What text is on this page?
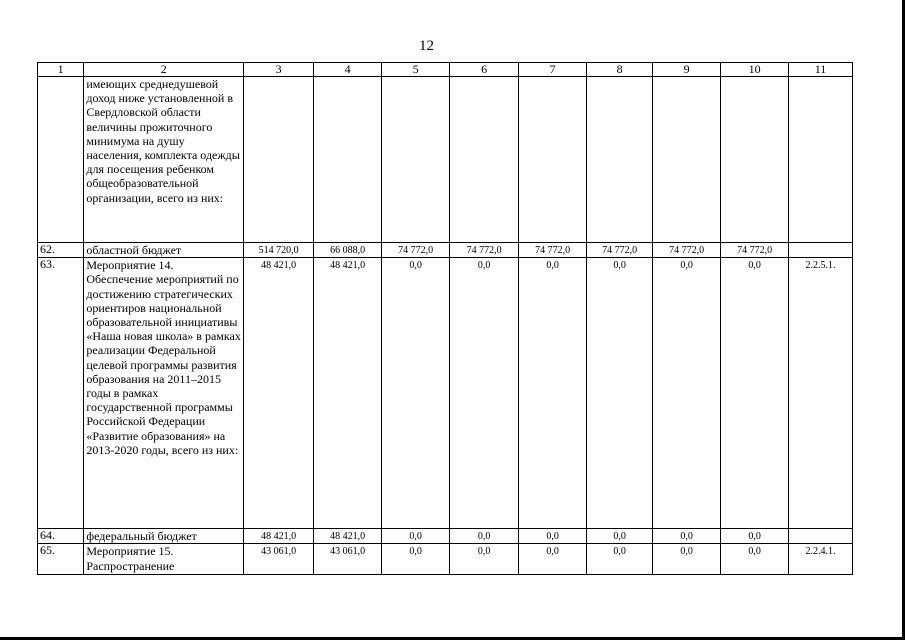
12
1	2	3	4	5	6	7	8	9	10	11
	имеющих среднедушевой доход ниже установленной в Свердловской области величины прожиточного минимума на душу населения, комплекта одежды для посещения ребенком общеобразовательной организации, всего из них:									
62.	областной бюджет	514 720,0	66 088,0	74 772,0	74 772,0	74 772,0	74 772,0	74 772,0	74 772,0	
63.	Мероприятие 14. Обеспечение мероприятий по достижению стратегических ориентиров национальной образовательной инициативы «Наша новая школа» в рамках реализации Федеральной целевой программы развития образования на 2011–2015 годы в рамках государственной программы Российской Федерации «Развитие образования» на 2013-2020 годы, всего из них:	48 421,0	48 421,0	0,0	0,0	0,0	0,0	0,0	0,0	2.2.5.1.
64.	федеральный бюджет	48 421,0	48 421,0	0,0	0,0	0,0	0,0	0,0	0,0	
65.	Мероприятие 15. Распространение	43 061,0	43 061,0	0,0	0,0	0,0	0,0	0,0	0,0	2.2.4.1.
